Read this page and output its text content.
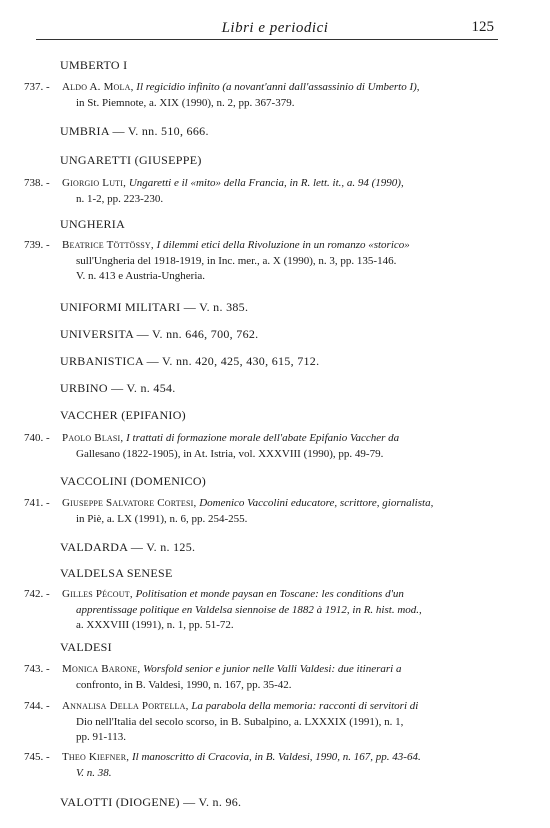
Libri e periodici	125
UMBERTO I
737. -	Aldo A. Mola, Il regicidio infinito (a novant'anni dall'assassinio di Umberto I),
in St. Piemnote, a. XIX (1990), n. 2, pp. 367-379.
UMBRIA — V. nn. 510, 666.
UNGARETTI (GIUSEPPE)
738. -	Giorgio Luti, Ungaretti e il «mito» della Francia, in R. lett. it., a. 94 (1990),
n. 1-2, pp. 223-230.
UNGHERIA
739. -	Beatrice Töttössy, I dilemmi etici della Rivoluzione in un romanzo «storico»
sull'Ungheria del 1918-1919, in Inc. mer., a. X (1990), n. 3, pp. 135-146.
V. n. 413 e Austria-Ungheria.
UNIFORMI MILITARI — V. n. 385.
UNIVERSITA — V. nn. 646, 700, 762.
URBANISTICA — V. nn. 420, 425, 430, 615, 712.
URBINO — V. n. 454.
VACCHER (EPIFANIO)
740. -	Paolo Blasi, I trattati di formazione morale dell'abate Epifanio Vaccher da
Gallesano (1822-1905), in At. Istria, vol. XXXVIII (1990), pp. 49-79.
VACCOLINI (DOMENICO)
741. -	Giuseppe Salvatore Cortesi, Domenico Vaccolini educatore, scrittore, giornalista,
in Piè, a. LX (1991), n. 6, pp. 254-255.
VALDARDA — V. n. 125.
VALDELSA SENESE
742. -	Gilles Pécout, Politisation et monde paysan en Toscane: les conditions d'un
apprentissage politique en Valdelsa siennoise de 1882 à 1912, in R. hist. mod.,
a. XXXVIII (1991), n. 1, pp. 51-72.
VALDESI
743. -	Monica Barone, Worsfold senior e junior nelle Valli Valdesi: due itinerari a
confronto, in B. Valdesi, 1990, n. 167, pp. 35-42.
744. -	Annalisa Della Portella, La parabola della memoria: racconti di servitori di
Dio nell'Italia del secolo scorso, in B. Subalpino, a. LXXXIX (1991), n. 1,
pp. 91-113.
745. -	Theo Kiefner, Il manoscritto di Cracovia, in B. Valdesi, 1990, n. 167, pp. 43-64.
V. n. 38.
VALOTTI (DIOGENE) — V. n. 96.
